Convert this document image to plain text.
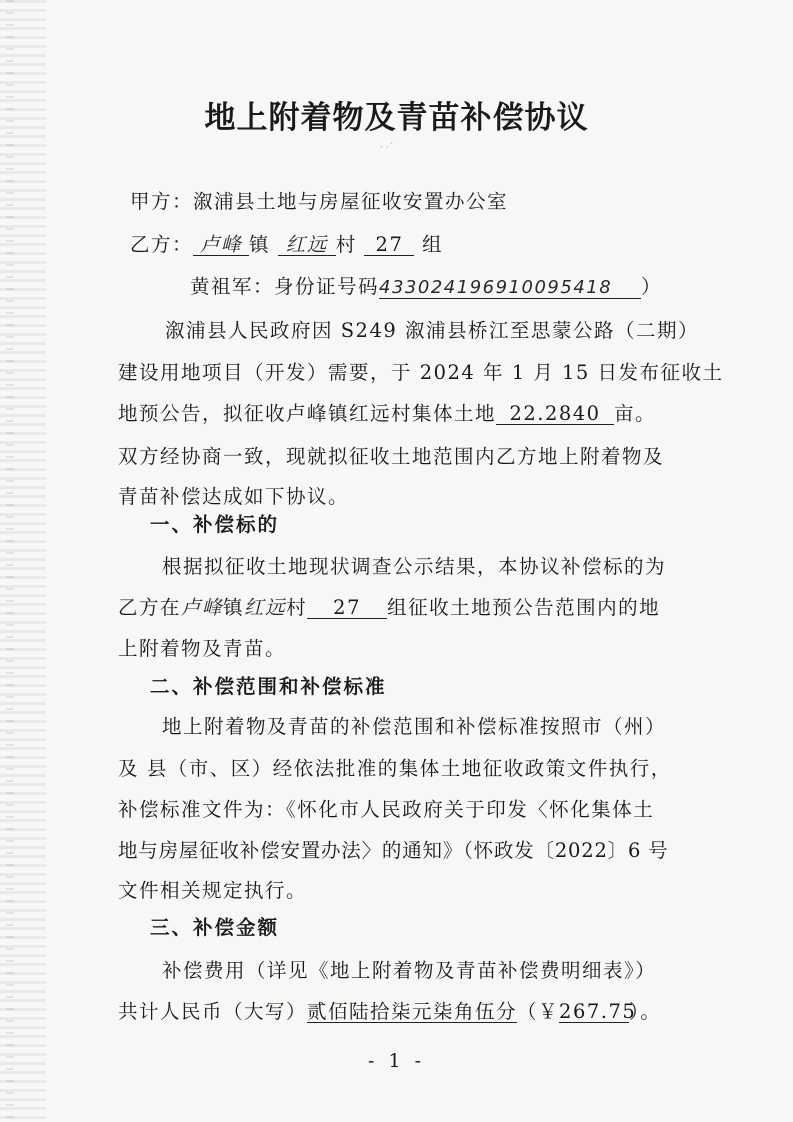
地上附着物及青苗补偿协议
· ·ˊ
甲方：溆浦县土地与房屋征收安置办公室
乙方： 卢峰 镇 红远 村 27 组
黄祖军：身份证号码433024196910095418 ）
溆浦县人民政府因 S249 溆浦县桥江至思蒙公路（二期）
建设用地项目（开发）需要，于 2024 年 1 月 15 日发布征收土
地预公告，拟征收卢峰镇红远村集体土地 22.2840 亩。
双方经协商一致，现就拟征收土地范围内乙方地上附着物及
青苗补偿达成如下协议。
一、补偿标的
根据拟征收土地现状调查公示结果，本协议补偿标的为
乙方在卢峰镇红远村 27 组征收土地预公告范围内的地
上附着物及青苗。
二、补偿范围和补偿标准
地上附着物及青苗的补偿范围和补偿标准按照市（州）
及 县（市、区）经依法批准的集体土地征收政策文件执行，
补偿标准文件为：《怀化市人民政府关于印发〈怀化集体土
地与房屋征收补偿安置办法〉的通知》（怀政发〔2022〕6 号
文件相关规定执行。
三、补偿金额
补偿费用（详见《地上附着物及青苗补偿费明细表》）
共计人民币（大写）贰佰陆拾柒元柒角伍分（￥267.75）。
- 1 -
